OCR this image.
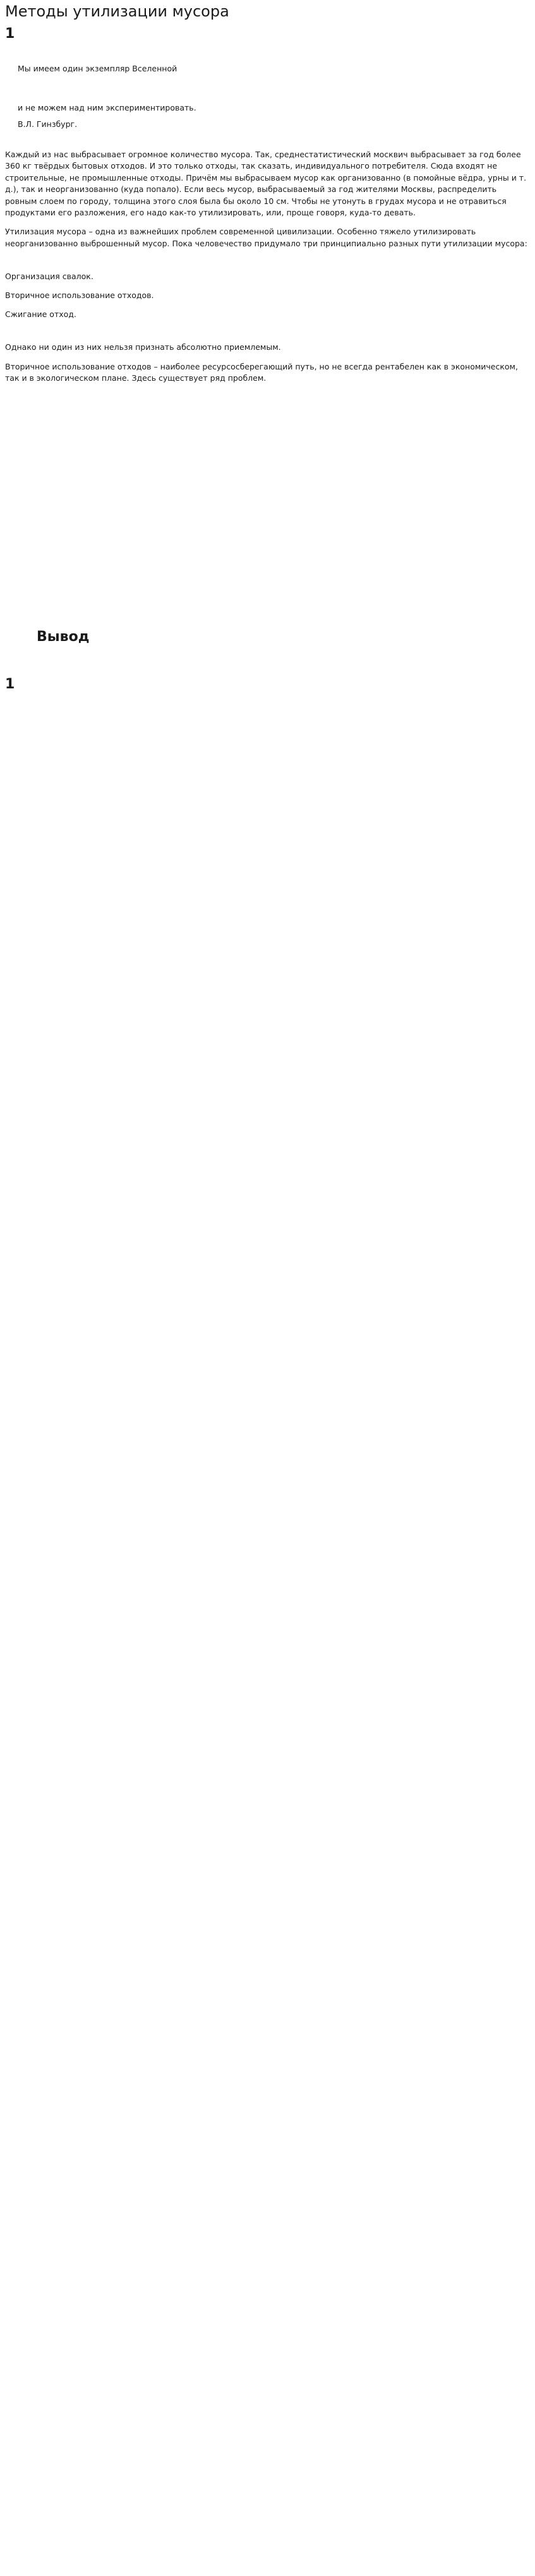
Методы утилизации мусора
1

Мы имеем один экземпляр Вселенной

и не можем над ним экспериментировать.

В.Л. Гинзбург.

Каждый из нас выбрасывает огромное количество мусора. Так, среднестатистический москвич выбрасывает за год более 360 кг твёрдых бытовых отходов. И это только отходы, так сказать, индивидуального потребителя. Сюда входят не строительные, не промышленные отходы. Причём мы выбрасываем мусор как организованно (в помойные вёдра, урны и т. д.), так и неорганизованно (куда попало). Если весь мусор, выбрасываемый за год жителями Москвы, распределить ровным слоем по городу, толщина этого слоя была бы около 10 см. Чтобы не утонуть в грудах мусора и не отравиться продуктами его разложения, его надо как-то утилизировать, или, проще говоря, куда-то девать.

Утилизация мусора – одна из важнейших проблем современной цивилизации. Особенно тяжело утилизировать неорганизованно выброшенный мусор. Пока человечество придумало три принципиально разных пути утилизации мусора:

Организация свалок.

Вторичное использование отходов.

Сжигание отход.

Однако ни один из них нельзя признать абсолютно приемлемым.

Вторичное использование отходов – наиболее ресурсосберегающий путь, но не всегда рентабелен как в экономическом, так и в экологическом плане. Здесь существует ряд проблем.

Вывод
1
